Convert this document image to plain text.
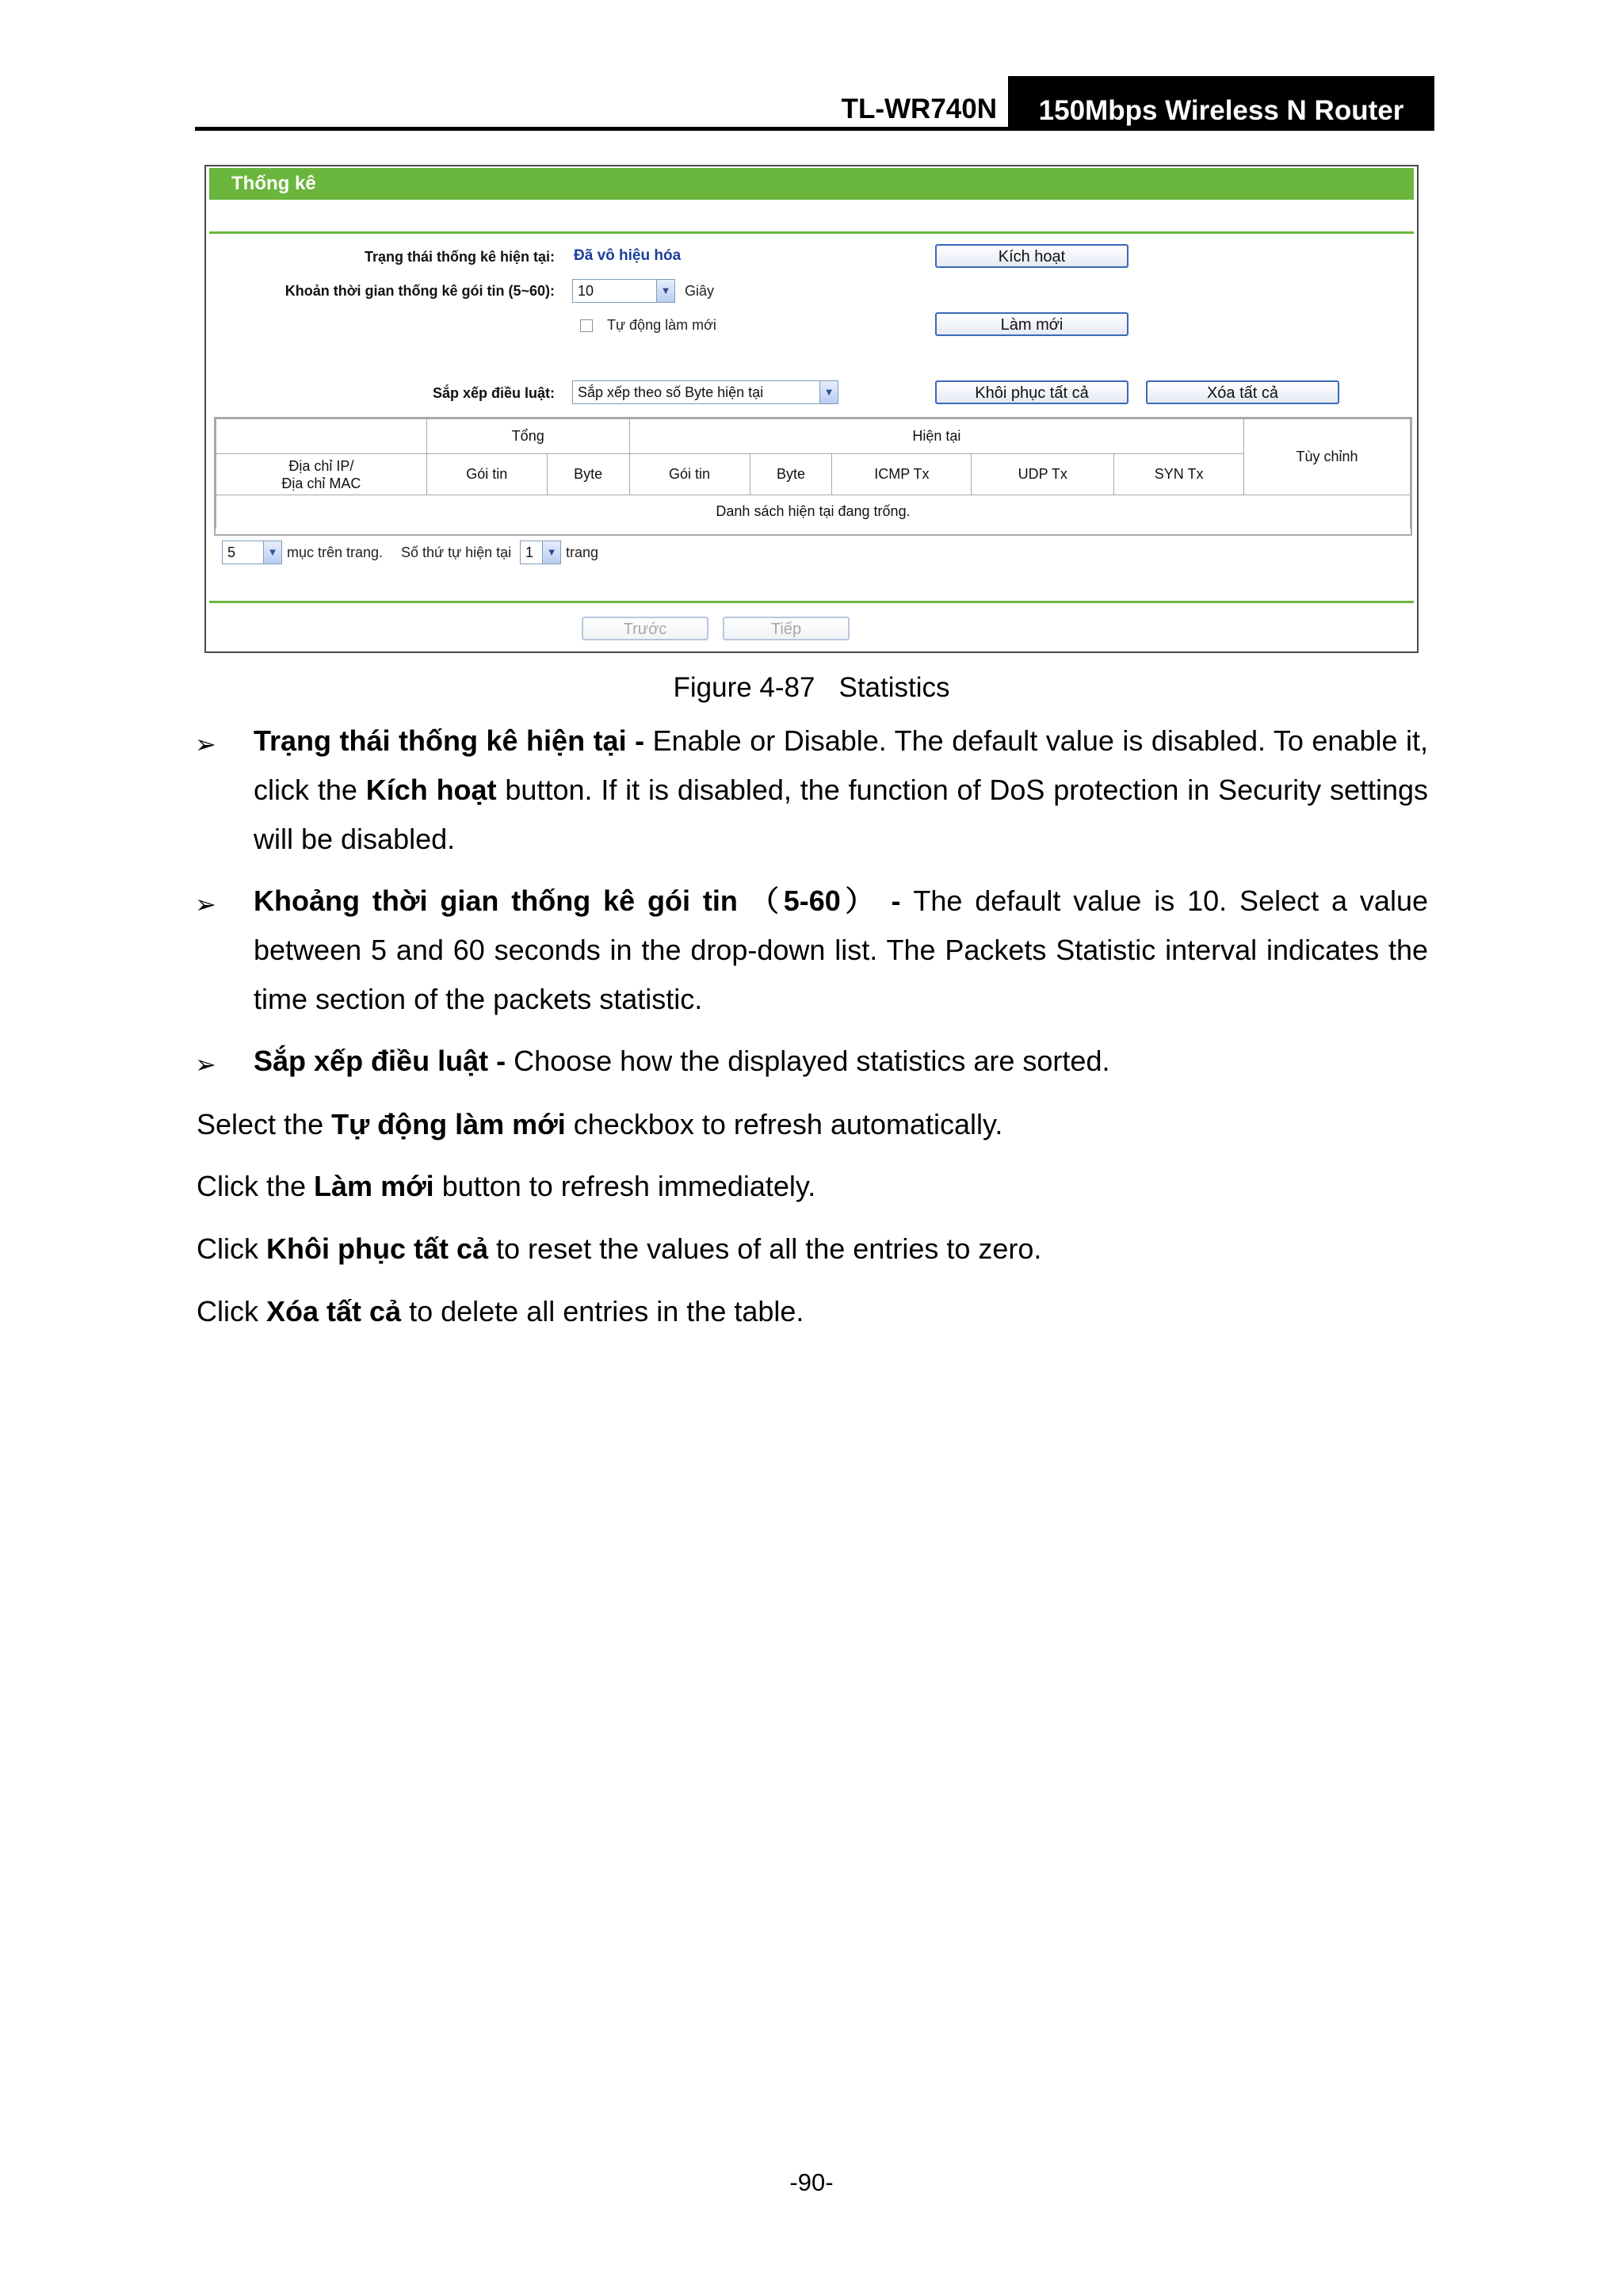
TL-WR740N	150Mbps Wireless N Router
Thống kê
Trạng thái thống kê hiện tại: Đã vô hiệu hóa	Kích hoạt
Khoản thời gian thống kê gói tin (5~60):	10	▼ Giây
Tự động làm mới	Làm mới
Sắp xếp điều luật:	Sắp xếp theo số Byte hiện tại	▼	Khôi phục tất cả	Xóa tất cả
	Tổng		Hiện tại					Tùy chỉnh
Địa chỉ IP/
Địa chỉ MAC	Gói tin	Byte	Gói tin	Byte	ICMP Tx	UDP Tx	SYN Tx	
Danh sách hiện tại đang trống.								
5	▼ mục trên trang. Số thứ tự hiện tại 1	▼ trang
Trước	Tiếp
Figure 4-87 Statistics
➢ Trạng thái thống kê hiện tại - Enable or Disable. The default value is disabled. To enable it, click the Kích hoạt button. If it is disabled, the function of DoS protection in Security settings will be disabled.
➢ Khoảng thời gian thống kê gói tin （5-60） - The default value is 10. Select a value between 5 and 60 seconds in the drop-down list. The Packets Statistic interval indicates the time section of the packets statistic.
➢ Sắp xếp điều luật - Choose how the displayed statistics are sorted.
Select the Tự động làm mới checkbox to refresh automatically.
Click the Làm mới button to refresh immediately.
Click Khôi phục tất cả to reset the values of all the entries to zero.
Click Xóa tất cả to delete all entries in the table.
-90-
